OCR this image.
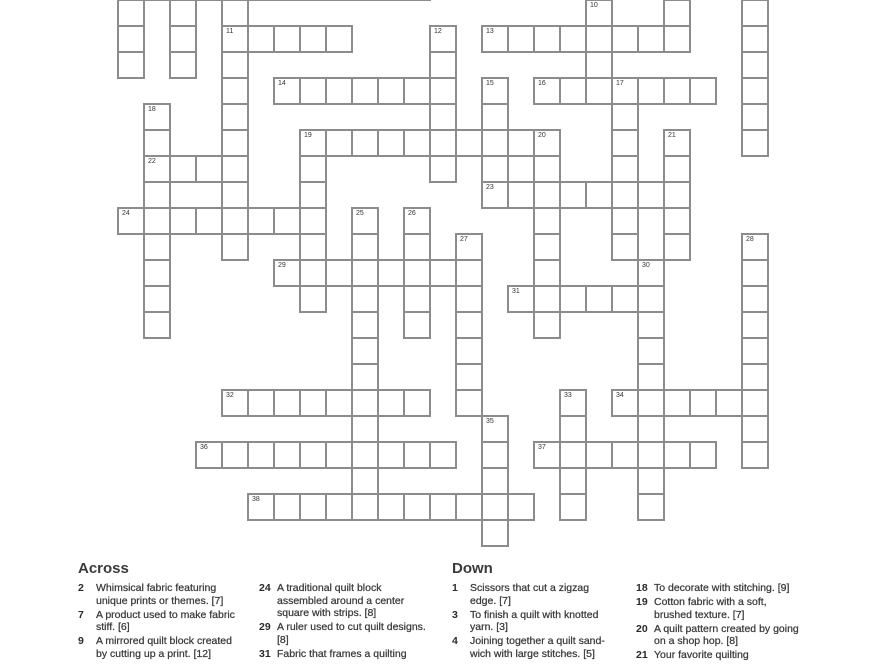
10
11	12	13
14	15	16	17
18
19	20	21
22
23
24	25	26
27	28
29	30
31
32	33	34
35
36	37
38
Across	Down
2	Whimsical fabric featuring unique prints or themes. [7]
7	A product used to make fabric stiff. [6]
9	A mirrored quilt block created by cutting up a print. [12]
24 A traditional quilt block assembled around a center square with strips. [8]
29 A ruler used to cut quilt designs. [8]
31 Fabric that frames a quilting
1	Scissors that cut a zigzag edge. [7]
3	To finish a quilt with knotted yarn. [3]
4	Joining together a quilt sand-wich with large stitches. [5]
18 To decorate with stitching. [9]
19 Cotton fabric with a soft, brushed texture. [7]
20 A quilt pattern created by going on a shop hop. [8]
21 Your favorite quilting
